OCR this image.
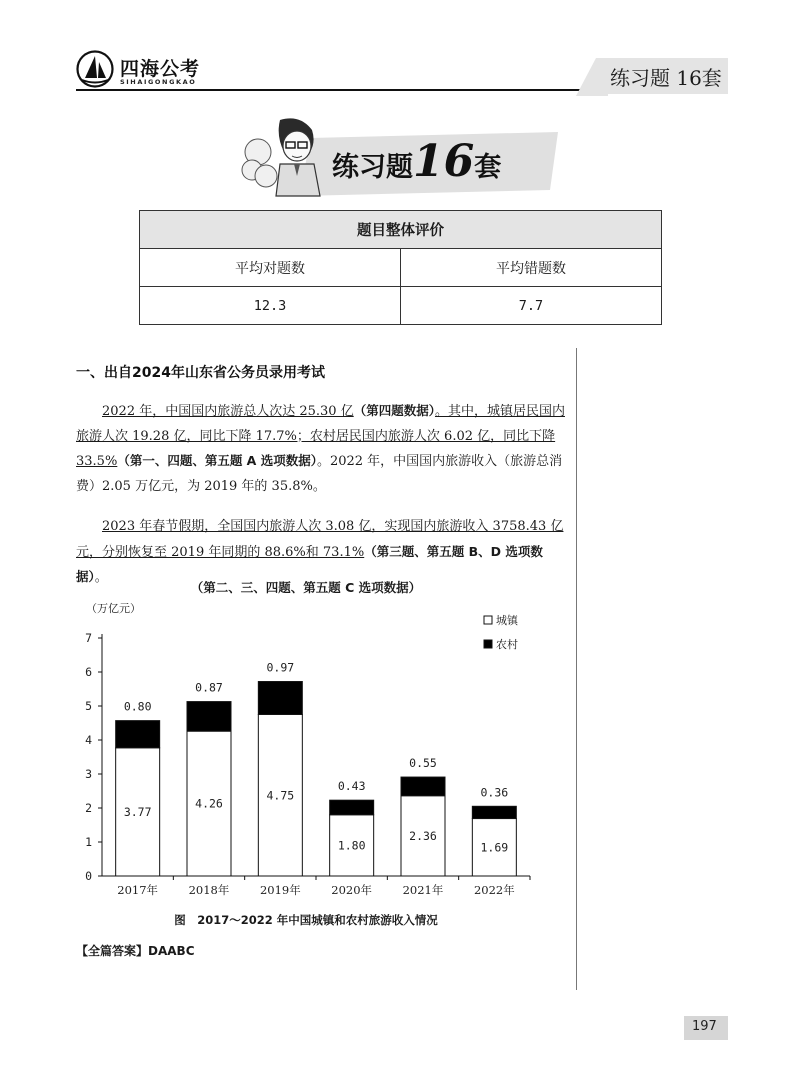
四海公考
SIHAIGONGKAO	练习题 16套
练习题16套
题目整体评价	
平均对题数	平均错题数
12.3	7.7
一、出自2024年山东省公务员录用考试
2022 年，中国国内旅游总人次达 25.30 亿（第四题数据）。其中，城镇居民国内旅游人次 19.28 亿，同比下降 17.7%；农村居民国内旅游人次 6.02 亿，同比下降 33.5%（第一、四题、第五题 A 选项数据）。2022 年，中国国内旅游收入（旅游总消费）2.05 万亿元，为 2019 年的 35.8%。
2023 年春节假期，全国国内旅游人次 3.08 亿，实现国内旅游收入 3758.43 亿元，分别恢复至 2019 年同期的 88.6%和 73.1%（第三题、第五题 B、D 选项数据）。
（第二、三、四题、第五题 C 选项数据）
（万亿元）
0
1
2
3
4
5
6
7
3.77
0.80
2017年
4.26
0.87
2018年
4.75
0.97
2019年
1.80
0.43
2020年
2.36
0.55
2021年
1.69
0.36
2022年
城镇
农村
图　2017～2022 年中国城镇和农村旅游收入情况
【全篇答案】DAABC
197
